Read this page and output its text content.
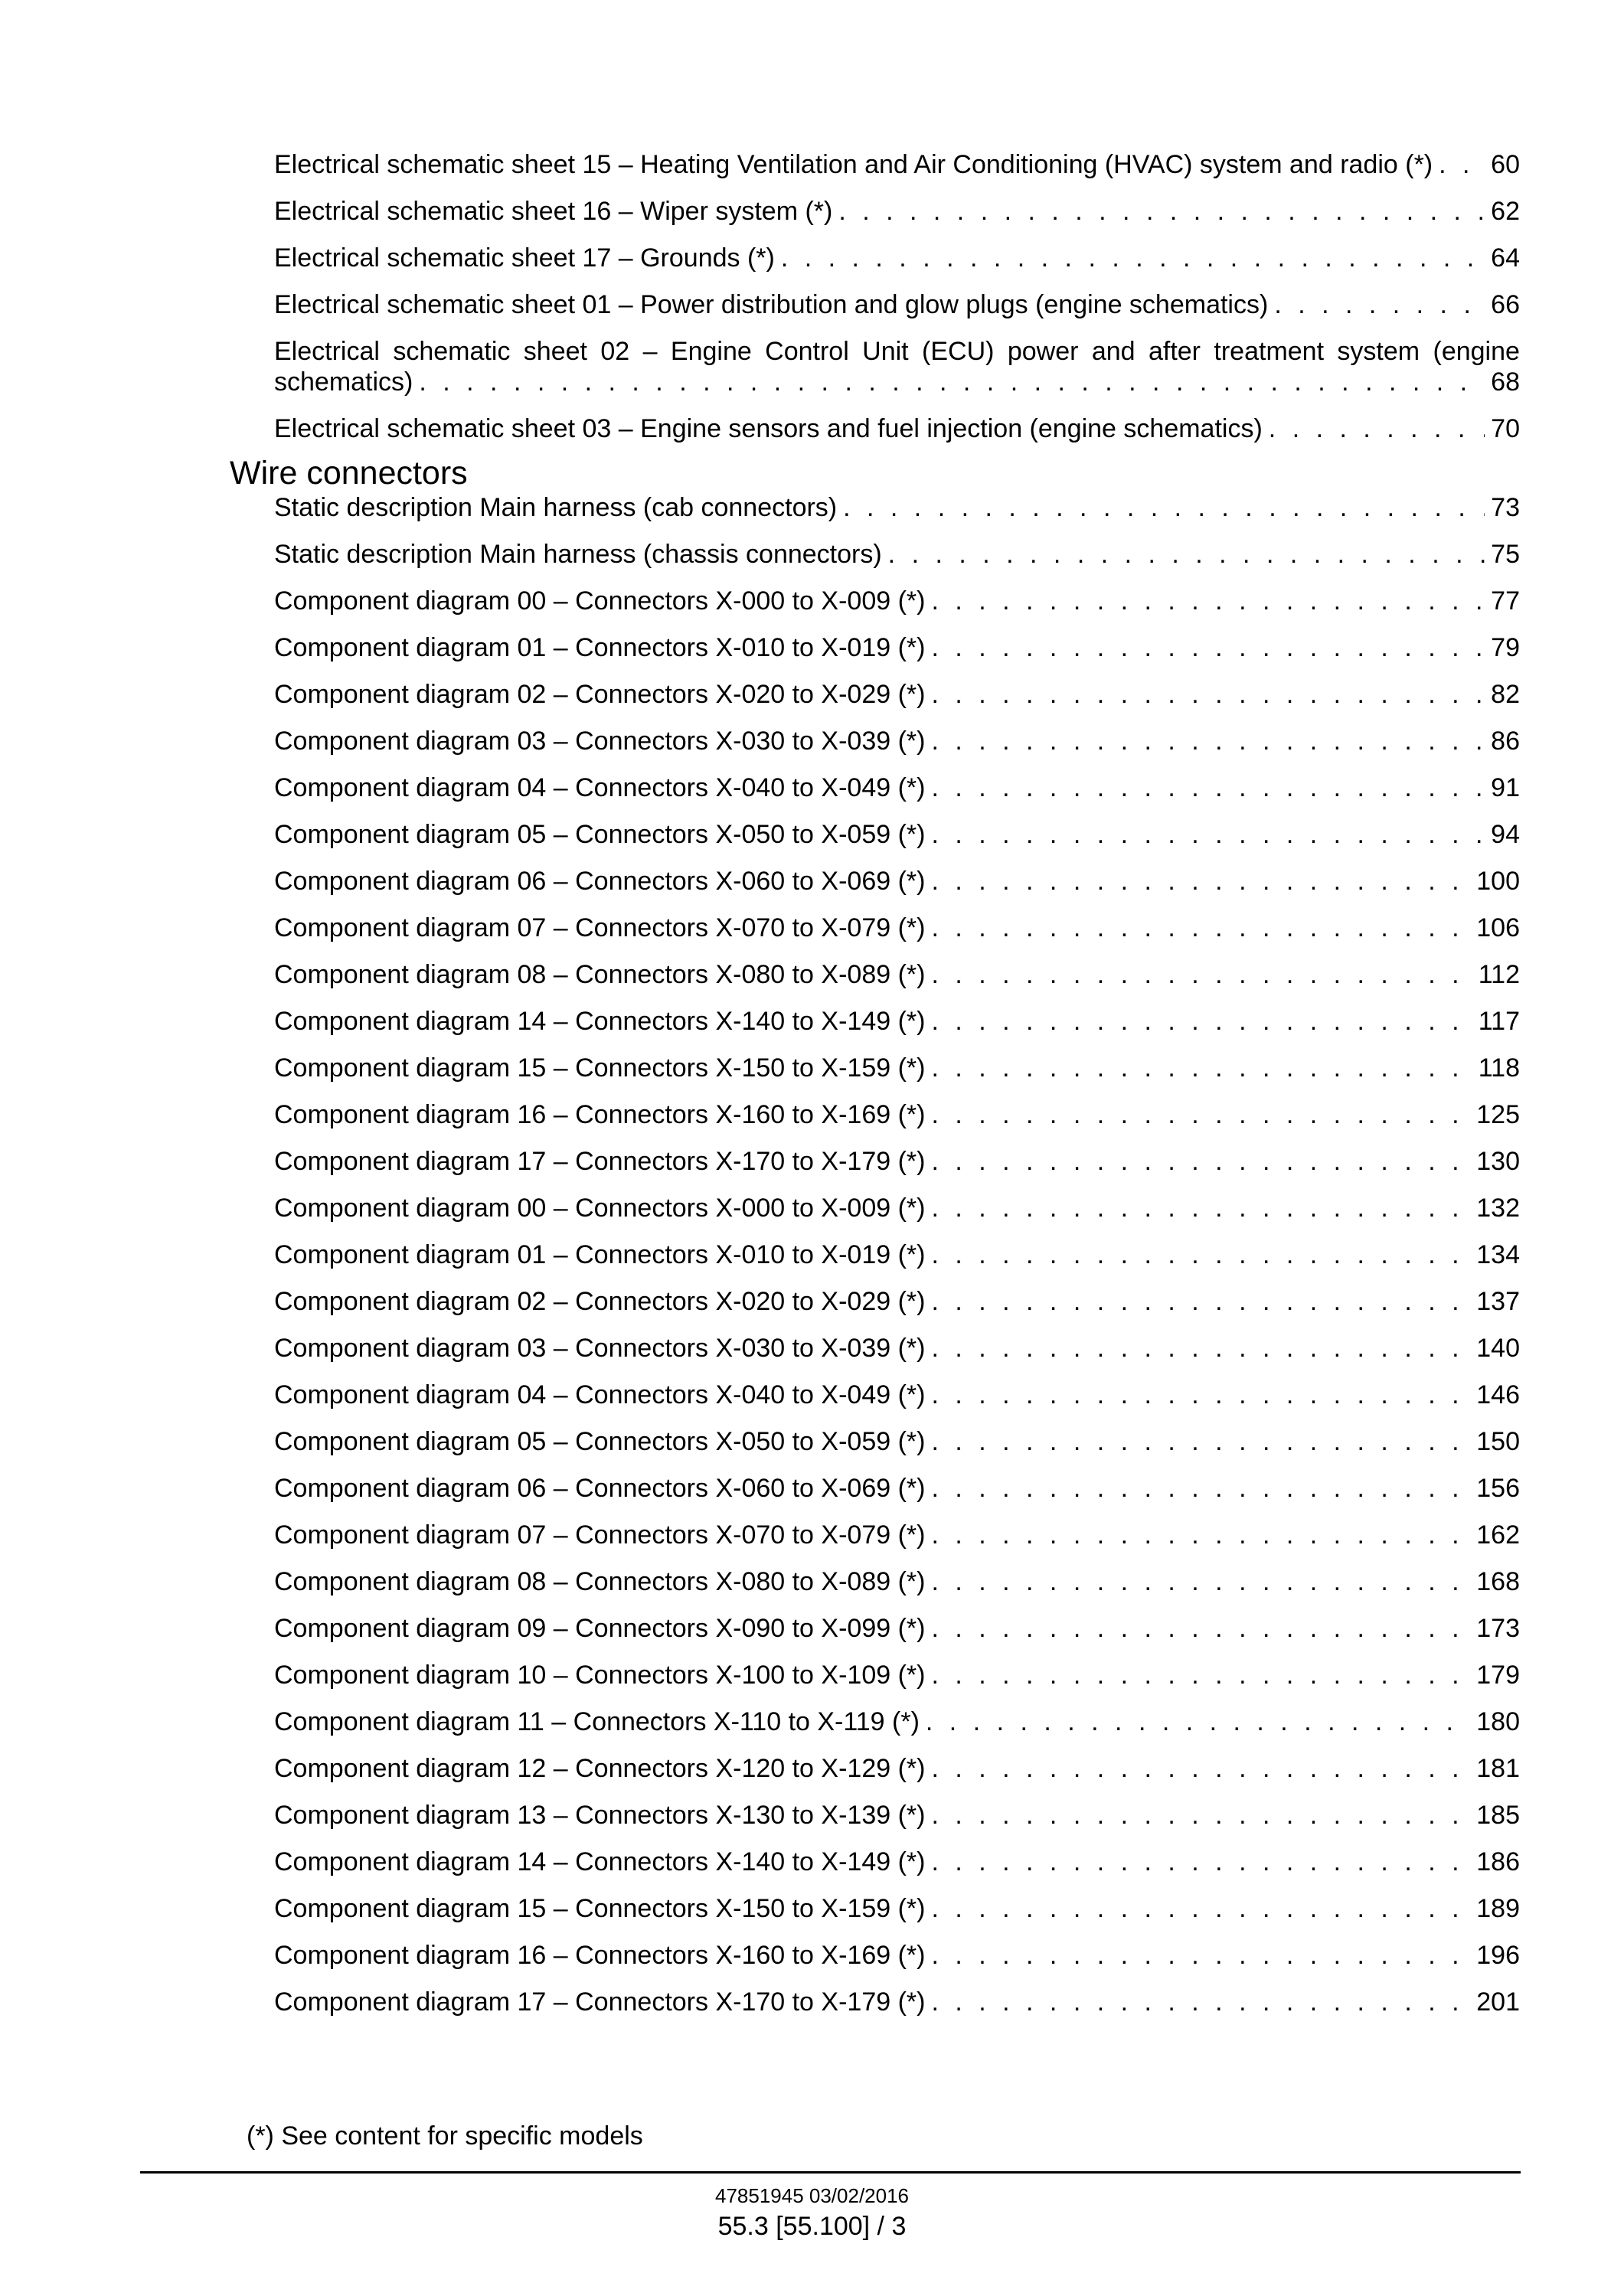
Electrical schematic sheet 15 – Heating Ventilation and Air Conditioning (HVAC) system and radio (*) . . . 60
Electrical schematic sheet 16 – Wiper system (*) . . .	62
Electrical schematic sheet 17 – Grounds (*) . . .	64
Electrical schematic sheet 01 – Power distribution and glow plugs (engine schematics) . . .	66
Electrical schematic sheet 02 – Engine Control Unit (ECU) power and after treatment system (engine
schematics) . . .	68
Electrical schematic sheet 03 – Engine sensors and fuel injection (engine schematics) . . .	70
Wire connectors
Static description Main harness (cab connectors) . . .	73
Static description Main harness (chassis connectors) . . .	75
Component diagram 00 – Connectors X-000 to X-009 (*) . . .	77
Component diagram 01 – Connectors X-010 to X-019 (*) . . .	79
Component diagram 02 – Connectors X-020 to X-029 (*) . . .	82
Component diagram 03 – Connectors X-030 to X-039 (*) . . .	86
Component diagram 04 – Connectors X-040 to X-049 (*) . . .	91
Component diagram 05 – Connectors X-050 to X-059 (*) . . .	94
Component diagram 06 – Connectors X-060 to X-069 (*) . . .	100
Component diagram 07 – Connectors X-070 to X-079 (*) . . .	106
Component diagram 08 – Connectors X-080 to X-089 (*) . . .	112
Component diagram 14 – Connectors X-140 to X-149 (*) . . .	117
Component diagram 15 – Connectors X-150 to X-159 (*) . . .	118
Component diagram 16 – Connectors X-160 to X-169 (*) . . .	125
Component diagram 17 – Connectors X-170 to X-179 (*) . . .	130
Component diagram 00 – Connectors X-000 to X-009 (*) . . .	132
Component diagram 01 – Connectors X-010 to X-019 (*) . . .	134
Component diagram 02 – Connectors X-020 to X-029 (*) . . .	137
Component diagram 03 – Connectors X-030 to X-039 (*) . . .	140
Component diagram 04 – Connectors X-040 to X-049 (*) . . .	146
Component diagram 05 – Connectors X-050 to X-059 (*) . . .	150
Component diagram 06 – Connectors X-060 to X-069 (*) . . .	156
Component diagram 07 – Connectors X-070 to X-079 (*) . . .	162
Component diagram 08 – Connectors X-080 to X-089 (*) . . .	168
Component diagram 09 – Connectors X-090 to X-099 (*) . . .	173
Component diagram 10 – Connectors X-100 to X-109 (*) . . .	179
Component diagram 11 – Connectors X-110 to X-119 (*) . . .	180
Component diagram 12 – Connectors X-120 to X-129 (*) . . .	181
Component diagram 13 – Connectors X-130 to X-139 (*) . . .	185
Component diagram 14 – Connectors X-140 to X-149 (*) . . .	186
Component diagram 15 – Connectors X-150 to X-159 (*) . . .	189
Component diagram 16 – Connectors X-160 to X-169 (*) . . .	196
Component diagram 17 – Connectors X-170 to X-179 (*) . . .	201
(*) See content for specific models
47851945 03/02/2016
55.3 [55.100] / 3
